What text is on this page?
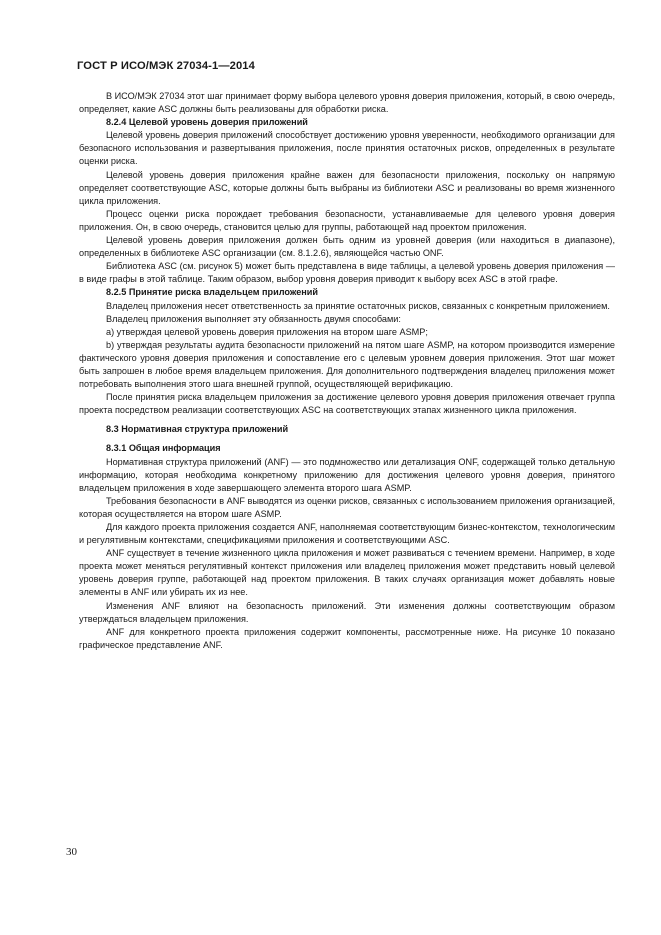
ГОСТ Р ИСО/МЭК 27034-1—2014

В ИСО/МЭК 27034 этот шаг принимает форму выбора целевого уровня доверия приложения, который, в свою очередь, определяет, какие ASC должны быть реализованы для обработки риска.

8.2.4 Целевой уровень доверия приложений

Целевой уровень доверия приложений способствует достижению уровня уверенности, необходимого организации для безопасного использования и развертывания приложения, после принятия остаточных рисков, определенных в результате оценки риска.

Целевой уровень доверия приложения крайне важен для безопасности приложения, поскольку он напрямую определяет соответствующие ASC, которые должны быть выбраны из библиотеки ASC и реализованы во время жизненного цикла приложения.

Процесс оценки риска порождает требования безопасности, устанавливаемые для целевого уровня доверия приложения. Он, в свою очередь, становится целью для группы, работающей над проектом приложения.

Целевой уровень доверия приложения должен быть одним из уровней доверия (или находиться в диапазоне), определенных в библиотеке ASC организации (см. 8.1.2.6), являющейся частью ONF.

Библиотека ASC (см. рисунок 5) может быть представлена в виде таблицы, а целевой уровень доверия приложения — в виде графы в этой таблице. Таким образом, выбор уровня доверия приводит к выбору всех ASC в этой графе.

8.2.5 Принятие риска владельцем приложений

Владелец приложения несет ответственность за принятие остаточных рисков, связанных с конкретным приложением.

Владелец приложения выполняет эту обязанность двумя способами:

а) утверждая целевой уровень доверия приложения на втором шаге ASMP;

b) утверждая результаты аудита безопасности приложений на пятом шаге ASMP, на котором производится измерение фактического уровня доверия приложения и сопоставление его с целевым уровнем доверия приложения. Этот шаг может быть запрошен в любое время владельцем приложения. Для дополнительного подтверждения владелец приложения может потребовать выполнения этого шага внешней группой, осуществляющей верификацию.

После принятия риска владельцем приложения за достижение целевого уровня доверия приложения отвечает группа проекта посредством реализации соответствующих ASC на соответствующих этапах жизненного цикла приложения.

8.3 Нормативная структура приложений

8.3.1 Общая информация

Нормативная структура приложений (ANF) — это подмножество или детализация ONF, содержащей только детальную информацию, которая необходима конкретному приложению для достижения целевого уровня доверия, принятого владельцем приложения в ходе завершающего элемента второго шага ASMP.

Требования безопасности в ANF выводятся из оценки рисков, связанных с использованием приложения организацией, которая осуществляется на втором шаге ASMP.

Для каждого проекта приложения создается ANF, наполняемая соответствующим бизнес-контекстом, технологическим и регулятивным контекстами, спецификациями приложения и соответствующими ASC.

ANF существует в течение жизненного цикла приложения и может развиваться с течением времени. Например, в ходе проекта может меняться регулятивный контекст приложения или владелец приложения может представить новый целевой уровень доверия группе, работающей над проектом приложения. В таких случаях организация может добавлять новые элементы в ANF или убирать их из нее.

Изменения ANF влияют на безопасность приложений. Эти изменения должны соответствующим образом утверждаться владельцем приложения.

ANF для конкретного проекта приложения содержит компоненты, рассмотренные ниже. На рисунке 10 показано графическое представление ANF.

30
